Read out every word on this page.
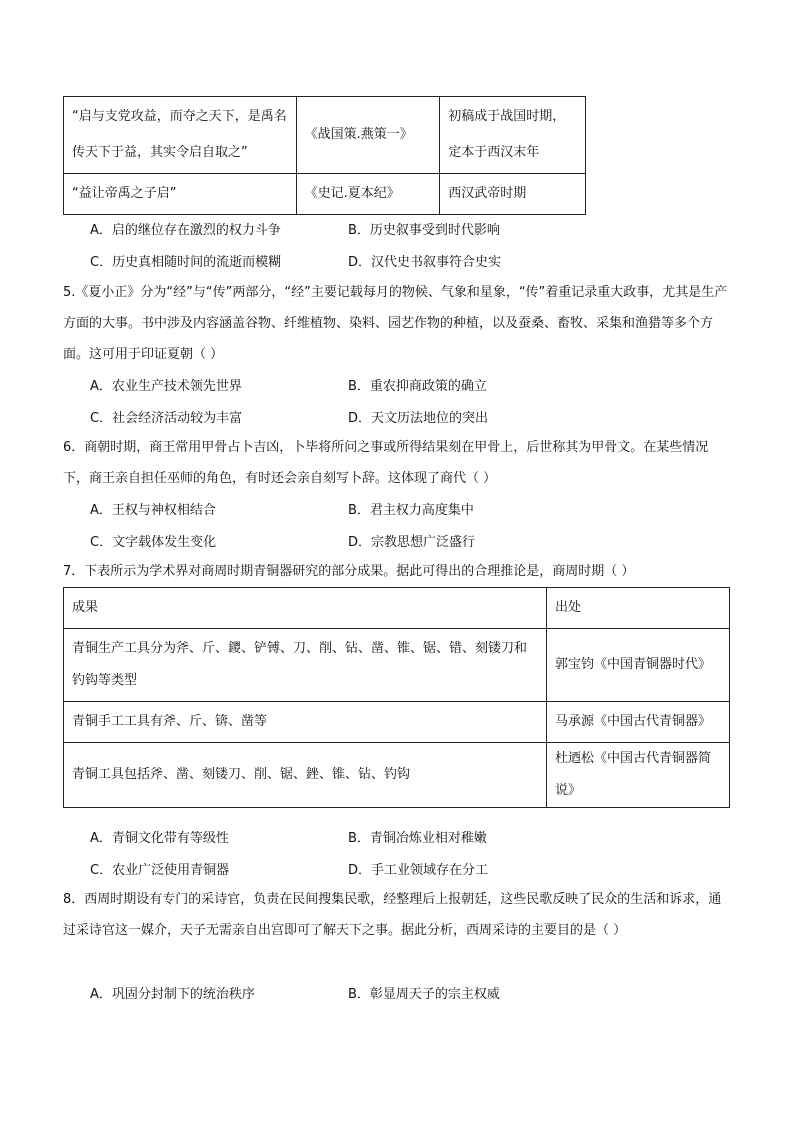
“启与支党攻益，而夺之天下，是禹名传天下于益，其实令启自取之”	《战国策.燕策一》	初稿成于战国时期，定本于西汉末年
“益让帝禹之子启”	《史记.夏本纪》	西汉武帝时期
A．启的继位存在激烈的权力斗争	B．历史叙事受到时代影响
C．历史真相随时间的流逝而模糊	D．汉代史书叙事符合史实
5.《夏小正》分为“经”与“传”两部分，“经”主要记载每月的物候、气象和星象，“传”着重记录重大政事，尤其是生产方面的大事。书中涉及内容涵盖谷物、纤维植物、染料、园艺作物的种植，以及蚕桑、畜牧、采集和渔猎等多个方面。这可用于印证夏朝（ ）
A．农业生产技术领先世界	B．重农抑商政策的确立
C．社会经济活动较为丰富	D．天文历法地位的突出
6．商朝时期，商王常用甲骨占卜吉凶，卜毕将所问之事或所得结果刻在甲骨上，后世称其为甲骨文。在某些情况下，商王亲自担任巫师的角色，有时还会亲自刻写卜辞。这体现了商代（ ）
A．王权与神权相结合	B．君主权力高度集中
C．文字载体发生变化	D．宗教思想广泛盛行
7．下表所示为学术界对商周时期青铜器研究的部分成果。据此可得出的合理推论是，商周时期（ ）
成果	出处
青铜生产工具分为斧、斤、鑁、铲镈、刀、削、钻、凿、锥、锯、错、刻镂刀和钓钩等类型	郭宝钧《中国青铜器时代》
青铜手工工具有斧、斤、锛、凿等	马承源《中国古代青铜器》
青铜工具包括斧、凿、刻镂刀、削、锯、銼、锥、钻、钓钩	杜迺松《中国古代青铜器简说》
A．青铜文化带有等级性	B．青铜冶炼业相对稚嫩
C．农业广泛使用青铜器	D．手工业领域存在分工
8．西周时期设有专门的采诗官，负责在民间搜集民歌，经整理后上报朝廷，这些民歌反映了民众的生活和诉求，通过采诗官这一媒介，天子无需亲自出宫即可了解天下之事。据此分析，西周采诗的主要目的是（ ）
A．巩固分封制下的统治秩序	B．彰显周天子的宗主权威
